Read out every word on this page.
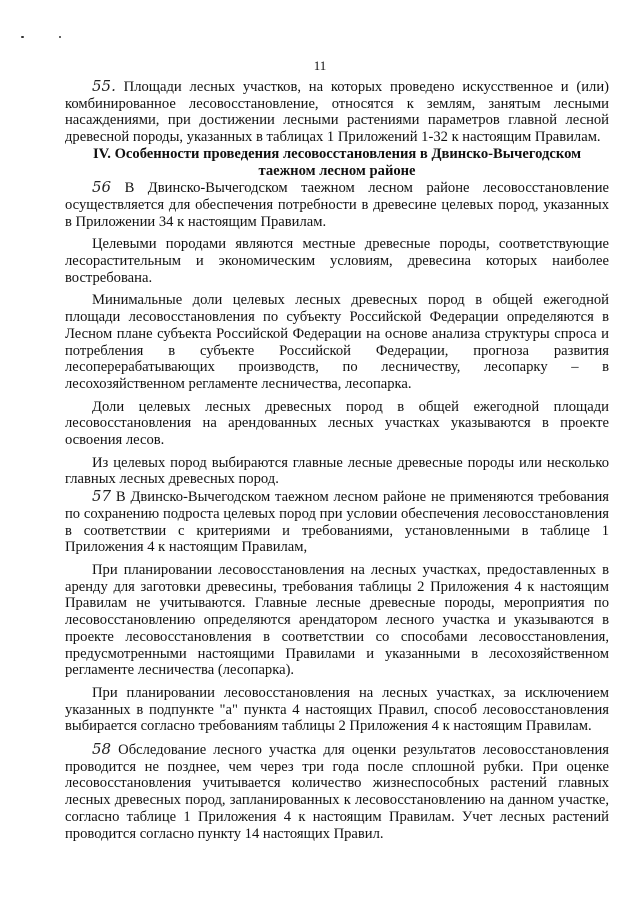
11

55. Площади лесных участков, на которых проведено искусственное и (или) комбинированное лесовосстановление, относятся к землям, занятым лесными насаждениями, при достижении лесными растениями параметров главной лесной древесной породы, указанных в таблицах 1 Приложений 1-32 к настоящим Правилам.

IV. Особенности проведения лесовосстановления в Двинско-Вычегодском таежном лесном районе

56 В Двинско-Вычегодском таежном лесном районе лесовосстановление осуществляется для обеспечения потребности в древесине целевых пород, указанных в Приложении 34 к настоящим Правилам.

Целевыми породами являются местные древесные породы, соответствующие лесорастительным и экономическим условиям, древесина которых наиболее востребована.

Минимальные доли целевых лесных древесных пород в общей ежегодной площади лесовосстановления по субъекту Российской Федерации определяются в Лесном плане субъекта Российской Федерации на основе анализа структуры спроса и потребления в субъекте Российской Федерации, прогноза развития лесоперерабатывающих производств, по лесничеству, лесопарку – в лесохозяйственном регламенте лесничества, лесопарка.

Доли целевых лесных древесных пород в общей ежегодной площади лесовосстановления на арендованных лесных участках указываются в проекте освоения лесов.

Из целевых пород выбираются главные лесные древесные породы или несколько главных лесных древесных пород.

57 В Двинско-Вычегодском таежном лесном районе не применяются требования по сохранению подроста целевых пород при условии обеспечения лесовосстановления в соответствии с критериями и требованиями, установленными в таблице 1 Приложения 4 к настоящим Правилам,

При планировании лесовосстановления на лесных участках, предоставленных в аренду для заготовки древесины, требования таблицы 2 Приложения 4 к настоящим Правилам не учитываются. Главные лесные древесные породы, мероприятия по лесовосстановлению определяются арендатором лесного участка и указываются в проекте лесовосстановления в соответствии со способами лесовосстановления, предусмотренными настоящими Правилами и указанными в лесохозяйственном регламенте лесничества (лесопарка).

При планировании лесовосстановления на лесных участках, за исключением указанных в подпункте "а" пункта 4 настоящих Правил, способ лесовосстановления выбирается согласно требованиям таблицы 2 Приложения 4 к настоящим Правилам.

58 Обследование лесного участка для оценки результатов лесовосстановления проводится не позднее, чем через три года после сплошной рубки. При оценке лесовосстановления учитывается количество жизнеспособных растений главных лесных древесных пород, запланированных к лесовосстановлению на данном участке, согласно таблице 1 Приложения 4 к настоящим Правилам. Учет лесных растений проводится согласно пункту 14 настоящих Правил.
